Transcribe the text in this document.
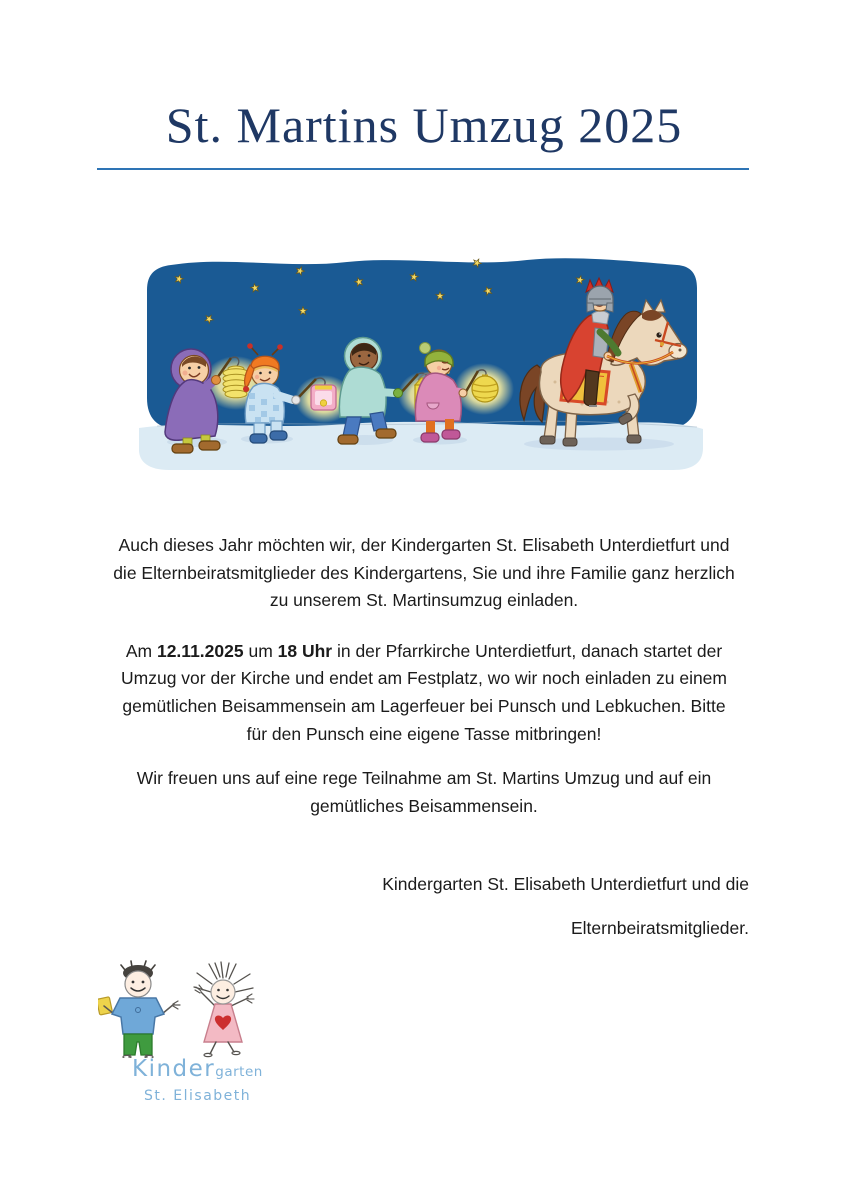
St. Martins Umzug 2025
Auch dieses Jahr möchten wir, der Kindergarten St. Elisabeth Unterdietfurt und
die Elternbeiratsmitglieder des Kindergartens, Sie und ihre Familie ganz herzlich
zu unserem St. Martinsumzug einladen.
Am 12.11.2025 um 18 Uhr in der Pfarrkirche Unterdietfurt, danach startet der
Umzug vor der Kirche und endet am Festplatz, wo wir noch einladen zu einem
gemütlichen Beisammensein am Lagerfeuer bei Punsch und Lebkuchen. Bitte
für den Punsch eine eigene Tasse mitbringen!
Wir freuen uns auf eine rege Teilnahme am St. Martins Umzug und auf ein
gemütliches Beisammensein.
Kindergarten St. Elisabeth Unterdietfurt und die
Elternbeiratsmitglieder.
Kindergarten
St. Elisabeth
